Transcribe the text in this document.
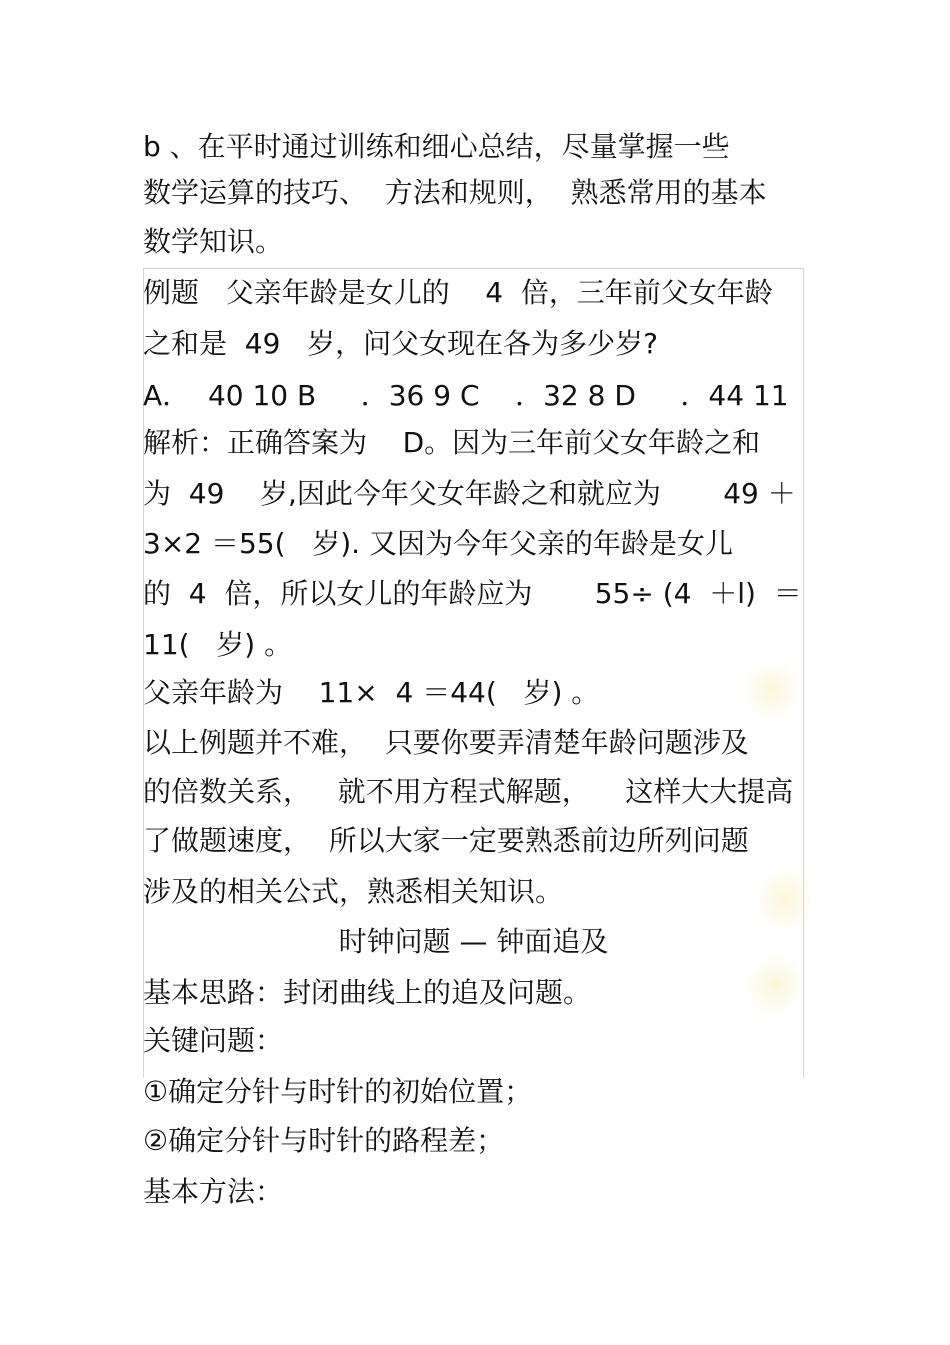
b 、在平时通过训练和细心总结，尽量掌握一些
数学运算的技巧、  方法和规则，  熟悉常用的基本
数学知识。
例题   父亲年龄是女儿的    4  倍，三年前父女年龄
之和是  49   岁，问父女现在各为多少岁?
A．  40 10 B     ．36 9 C    ．32 8 D     ．44 11
解析：正确答案为    D。因为三年前父女年龄之和
为  49    岁,因此今年父女年龄之和就应为       49 ＋
3×2 ＝55(   岁). 又因为今年父亲的年龄是女儿
的  4  倍，所以女儿的年龄应为       55÷ (4  ＋l)  ＝
11(   岁) 。
父亲年龄为    11×  4 ＝44(   岁) 。
以上例题并不难，  只要你要弄清楚年龄问题涉及
的倍数关系，   就不用方程式解题，    这样大大提高
了做题速度，  所以大家一定要熟悉前边所列问题
涉及的相关公式，熟悉相关知识。
时钟问题 — 钟面追及
基本思路：封闭曲线上的追及问题。
关键问题：
①确定分针与时针的初始位置；
②确定分针与时针的路程差；
基本方法：
